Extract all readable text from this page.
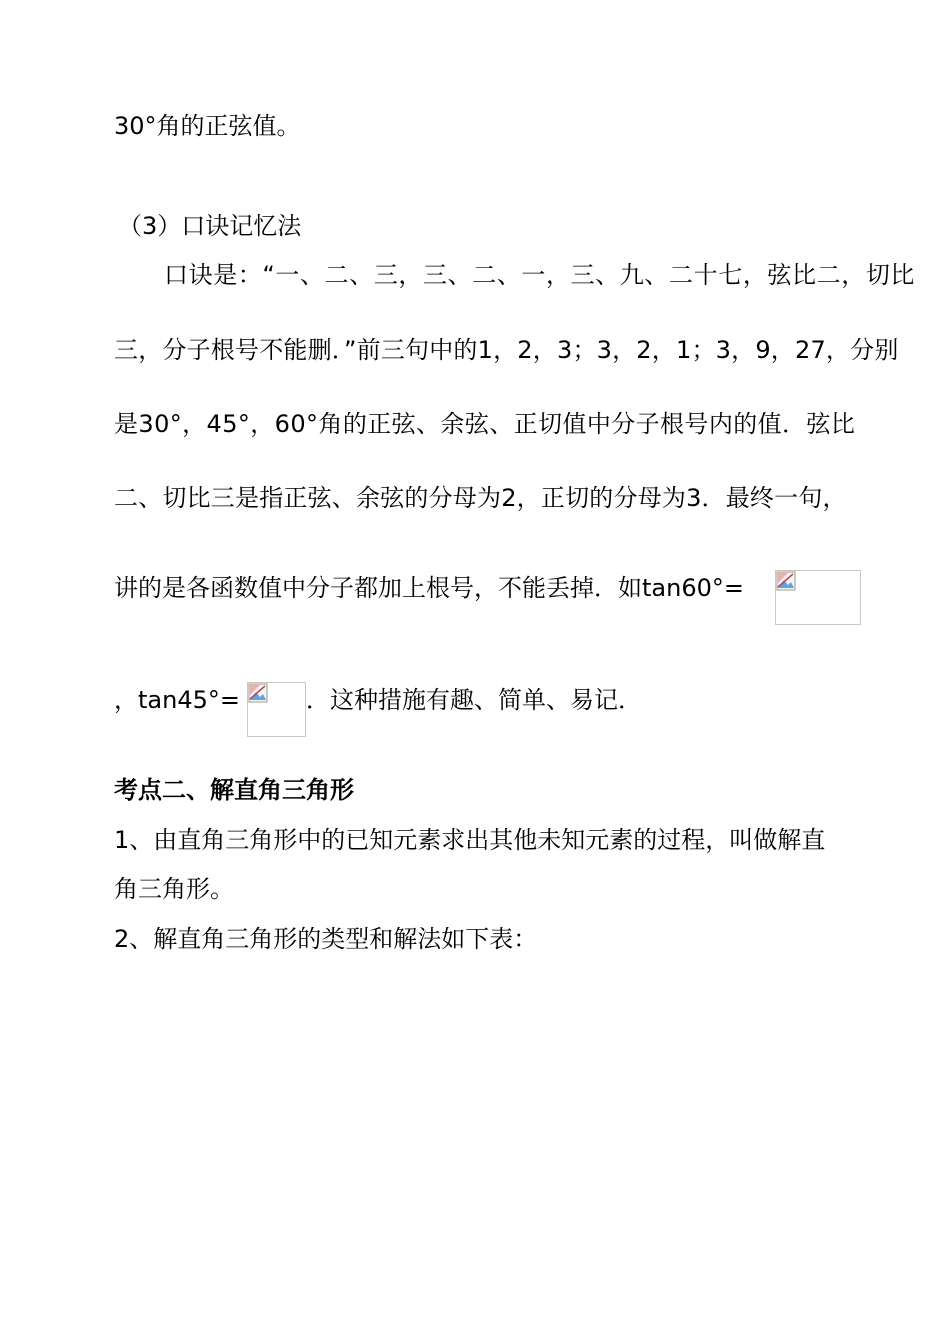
30°角的正弦值。
（3）口诀记忆法
口诀是：“一、二、三，三、二、一，三、九、二十七，弦比二，切比
三，分子根号不能删．”前三句中的1，2，3；3，2，1；3，9，27，分别
是30°，45°，60°角的正弦、余弦、正切值中分子根号内的值．弦比
二、切比三是指正弦、余弦的分母为2，正切的分母为3．最终一句，
讲的是各函数值中分子都加上根号，不能丢掉．如tan60°=
，tan45°=	．这种措施有趣、简单、易记．
考点二、解直角三角形
1、由直角三角形中的已知元素求出其他未知元素的过程，叫做解直
角三角形。
2、解直角三角形的类型和解法如下表：
